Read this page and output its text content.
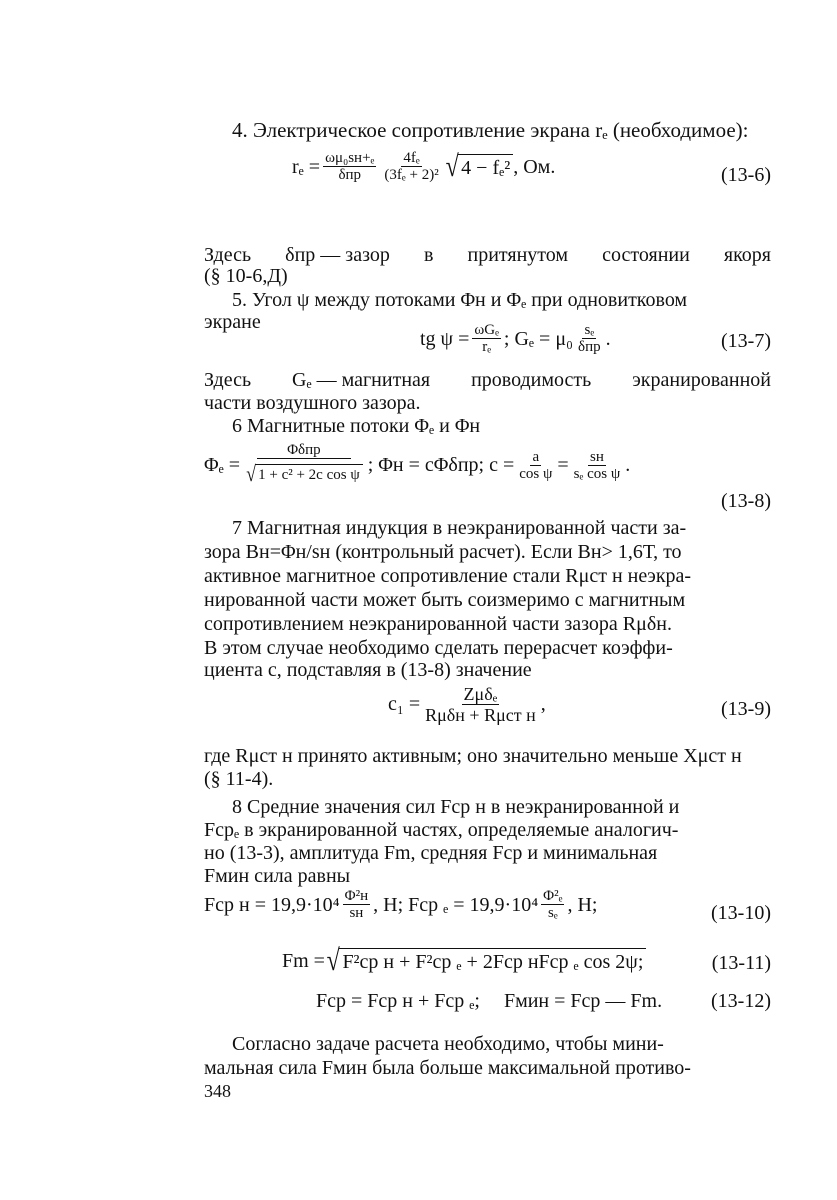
4. Электрическое сопротивление экрана rₑ (необходимое):
$r_e = \frac{\text{ωμ₀sн+ₑ}}{\text{δпр}} \frac{\text{4fₑ}}{\text{(3fₑ + 2)²}}$ √ 4 − fₑ² , Ом.	(13-6)
Здесь δпр — зазор в притянутом состоянии якоря
(§ 10-6,Д)
5. Угол ψ между потоками Φн и Φₑ при одновитковом
экране
tg $\psi = \frac{\text{ωGₑ}}{\text{rₑ}}$ ; $G_e = \mu_0 \frac{\text{sₑ}}{\text{δпр}}$ .	(13-7)
Здесь Gₑ — магнитная проводимость экранированной
части воздушного зазора.
6 Магнитные потоки Φₑ и Φн
$\Phi_e = \frac{\text{Φδпр}}{\text{√ 1 + c² + 2c cos ψ}}$ ; Φн = cΦδпр; $c = \frac{a}{\text{cos ψ}} = \frac{sн}{\text{sₑ cos ψ}}$ .
(13-8)
7 Магнитная индукция в неэкранированной части за-
зора Bн=Φн/sн (контрольный расчет). Если Bн> 1,6Т, то
активное магнитное сопротивление стали Rμст н неэкра-
нированной части может быть соизмеримо с магнитным
сопротивлением неэкранированной части зазора Rμδн.
В этом случае необходимо сделать перерасчет коэффи-
циента c, подставляя в (13-8) значение
$c_1 = \frac{\text{Zμδₑ}}{\text{Rμδн + Rμст н}}$ ,	(13-9)
где Rμст н принято активным; оно значительно меньше Xμст н
(§ 11-4).
8 Средние значения сил Fср н в неэкранированной и
Fсрₑ в экранированной частях, определяемые аналогич-
но (13-3), амплитуда Fm, средняя Fср и минимальная
Fмин сила равны
Fср $н = 19,9\cdot 10^4 \frac{\text{Φ²н}}{sн}$ , Н; Fср $_e = 19,9\cdot 10^4 \frac{\text{Φ²ₑ}}{\text{sₑ}}$ , Н;	(13-10)
Fm = √ F²ср н + F²ср ₑ + 2Fср нFср ₑ cos 2ψ;	(13-11)
Fср = Fср н + Fср ₑ; Fмин = Fср — Fm. (13-12)
Согласно задаче расчета необходимо, чтобы мини-
мальная сила Fмин была больше максимальной противо-
348
